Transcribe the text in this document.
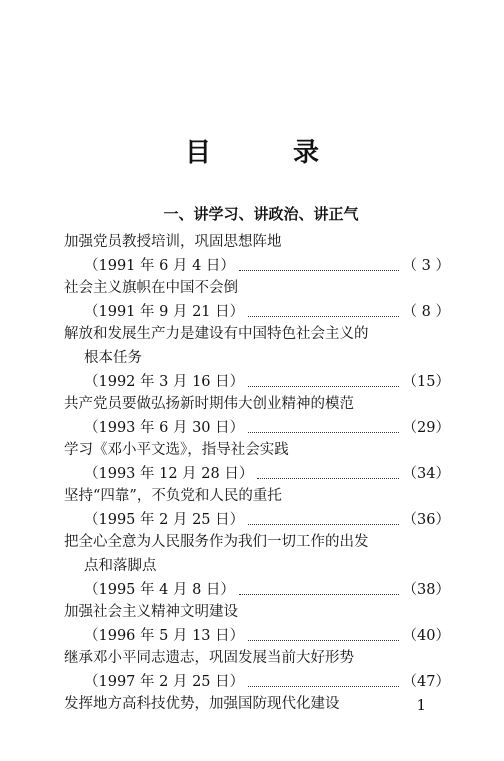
目　录
一、讲学习、讲政治、讲正气
加强党员教授培训，巩固思想阵地
（1991 年 6 月 4 日）	（ 3 ）
社会主义旗帜在中国不会倒
（1991 年 9 月 21 日）	（ 8 ）
解放和发展生产力是建设有中国特色社会主义的
根本任务
（1992 年 3 月 16 日）	（15）
共产党员要做弘扬新时期伟大创业精神的模范
（1993 年 6 月 30 日）	（29）
学习《邓小平文选》，指导社会实践
（1993 年 12 月 28 日）	（34）
坚持“四靠”，不负党和人民的重托
（1995 年 2 月 25 日）	（36）
把全心全意为人民服务作为我们一切工作的出发
点和落脚点
（1995 年 4 月 8 日）	（38）
加强社会主义精神文明建设
（1996 年 5 月 13 日）	（40）
继承邓小平同志遗志，巩固发展当前大好形势
（1997 年 2 月 25 日）	（47）
发挥地方高科技优势，加强国防现代化建设	1
